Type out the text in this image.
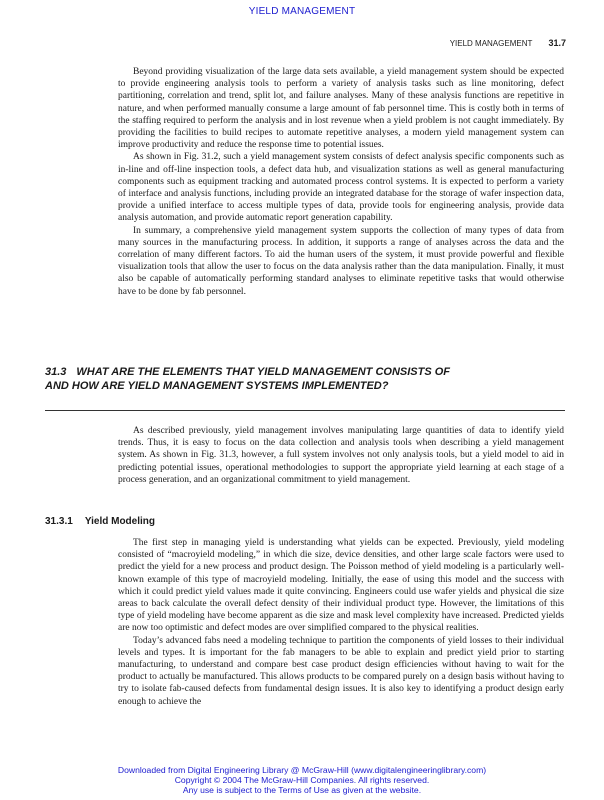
YIELD MANAGEMENT
YIELD MANAGEMENT 31.7

Beyond providing visualization of the large data sets available, a yield management system should be expected to provide engineering analysis tools to perform a variety of analysis tasks such as line monitoring, defect partitioning, correlation and trend, split lot, and failure analyses. Many of these analysis functions are repetitive in nature, and when performed manually consume a large amount of fab personnel time. This is costly both in terms of the staffing required to perform the analysis and in lost revenue when a yield problem is not caught immediately. By providing the facilities to build recipes to automate repetitive analyses, a modern yield management system can improve productivity and reduce the response time to potential issues.

As shown in Fig. 31.2, such a yield management system consists of defect analysis specific components such as in-line and off-line inspection tools, a defect data hub, and visualization stations as well as general manufacturing components such as equipment tracking and automated process control systems. It is expected to perform a variety of interface and analysis functions, including provide an integrated database for the storage of wafer inspection data, provide a unified interface to access multiple types of data, provide tools for engineering analysis, provide data analysis automation, and provide automatic report generation capability.

In summary, a comprehensive yield management system supports the collection of many types of data from many sources in the manufacturing process. In addition, it supports a range of analyses across the data and the correlation of many different factors. To aid the human users of the system, it must provide powerful and flexible visualization tools that allow the user to focus on the data analysis rather than the data manipulation. Finally, it must also be capable of automatically performing standard analyses to eliminate repetitive tasks that would otherwise have to be done by fab personnel.

31.3 WHAT ARE THE ELEMENTS THAT YIELD MANAGEMENT CONSISTS OF AND HOW ARE YIELD MANAGEMENT SYSTEMS IMPLEMENTED?

As described previously, yield management involves manipulating large quantities of data to identify yield trends. Thus, it is easy to focus on the data collection and analysis tools when describing a yield management system. As shown in Fig. 31.3, however, a full system involves not only analysis tools, but a yield model to aid in predicting potential issues, operational methodologies to support the appropriate yield learning at each stage of a process generation, and an organizational commitment to yield management.

31.3.1 Yield Modeling

The first step in managing yield is understanding what yields can be expected. Previously, yield modeling consisted of “macroyield modeling,” in which die size, device densities, and other large scale factors were used to predict the yield for a new process and product design. The Poisson method of yield modeling is a particularly well-known example of this type of macroyield modeling. Initially, the ease of using this model and the success with which it could predict yield values made it quite convincing. Engineers could use wafer yields and physical die size areas to back calculate the overall defect density of their individual product type. However, the limitations of this type of yield modeling have become apparent as die size and mask level complexity have increased. Predicted yields are now too optimistic and defect modes are over simplified compared to the physical realities.

Today’s advanced fabs need a modeling technique to partition the components of yield losses to their individual levels and types. It is important for the fab managers to be able to explain and predict yield prior to starting manufacturing, to understand and compare best case product design efficiencies without having to wait for the product to actually be manufactured. This allows products to be compared purely on a design basis without having to try to isolate fab-caused defects from fundamental design issues. It is also key to identifying a product design early enough to achieve the

Downloaded from Digital Engineering Library @ McGraw-Hill (www.digitalengineeringlibrary.com)
Copyright © 2004 The McGraw-Hill Companies. All rights reserved.
Any use is subject to the Terms of Use as given at the website.
